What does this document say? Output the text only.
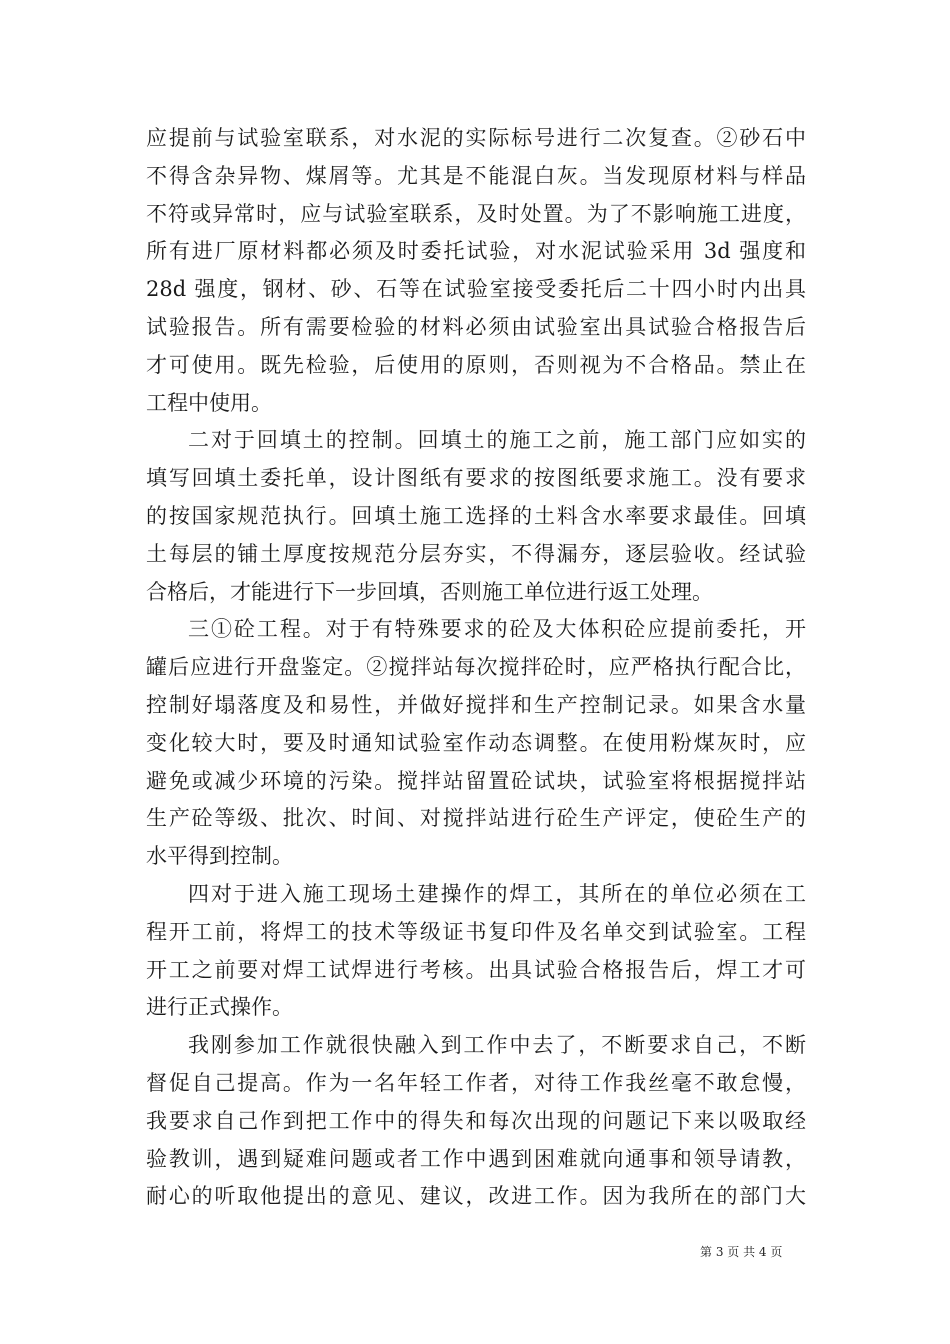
应提前与试验室联系，对水泥的实际标号进行二次复查。②砂石中
不得含杂异物、煤屑等。尤其是不能混白灰。当发现原材料与样品
不符或异常时，应与试验室联系，及时处置。为了不影响施工进度，
所有进厂原材料都必须及时委托试验，对水泥试验采用 3d 强度和
28d 强度，钢材、砂、石等在试验室接受委托后二十四小时内出具
试验报告。所有需要检验的材料必须由试验室出具试验合格报告后
才可使用。既先检验，后使用的原则，否则视为不合格品。禁止在
工程中使用。
二对于回填土的控制。回填土的施工之前，施工部门应如实的
填写回填土委托单，设计图纸有要求的按图纸要求施工。没有要求
的按国家规范执行。回填土施工选择的土料含水率要求最佳。回填
土每层的铺土厚度按规范分层夯实，不得漏夯，逐层验收。经试验
合格后，才能进行下一步回填，否则施工单位进行返工处理。
三①砼工程。对于有特殊要求的砼及大体积砼应提前委托，开
罐后应进行开盘鉴定。②搅拌站每次搅拌砼时，应严格执行配合比，
控制好塌落度及和易性，并做好搅拌和生产控制记录。如果含水量
变化较大时，要及时通知试验室作动态调整。在使用粉煤灰时，应
避免或减少环境的污染。搅拌站留置砼试块，试验室将根据搅拌站
生产砼等级、批次、时间、对搅拌站进行砼生产评定，使砼生产的
水平得到控制。
四对于进入施工现场土建操作的焊工，其所在的单位必须在工
程开工前，将焊工的技术等级证书复印件及名单交到试验室。工程
开工之前要对焊工试焊进行考核。出具试验合格报告后，焊工才可
进行正式操作。
我刚参加工作就很快融入到工作中去了，不断要求自己，不断
督促自己提高。作为一名年轻工作者，对待工作我丝毫不敢怠慢，
我要求自己作到把工作中的得失和每次出现的问题记下来以吸取经
验教训，遇到疑难问题或者工作中遇到困难就向通事和领导请教，
耐心的听取他提出的意见、建议，改进工作。因为我所在的部门大
第 3 页 共 4 页
